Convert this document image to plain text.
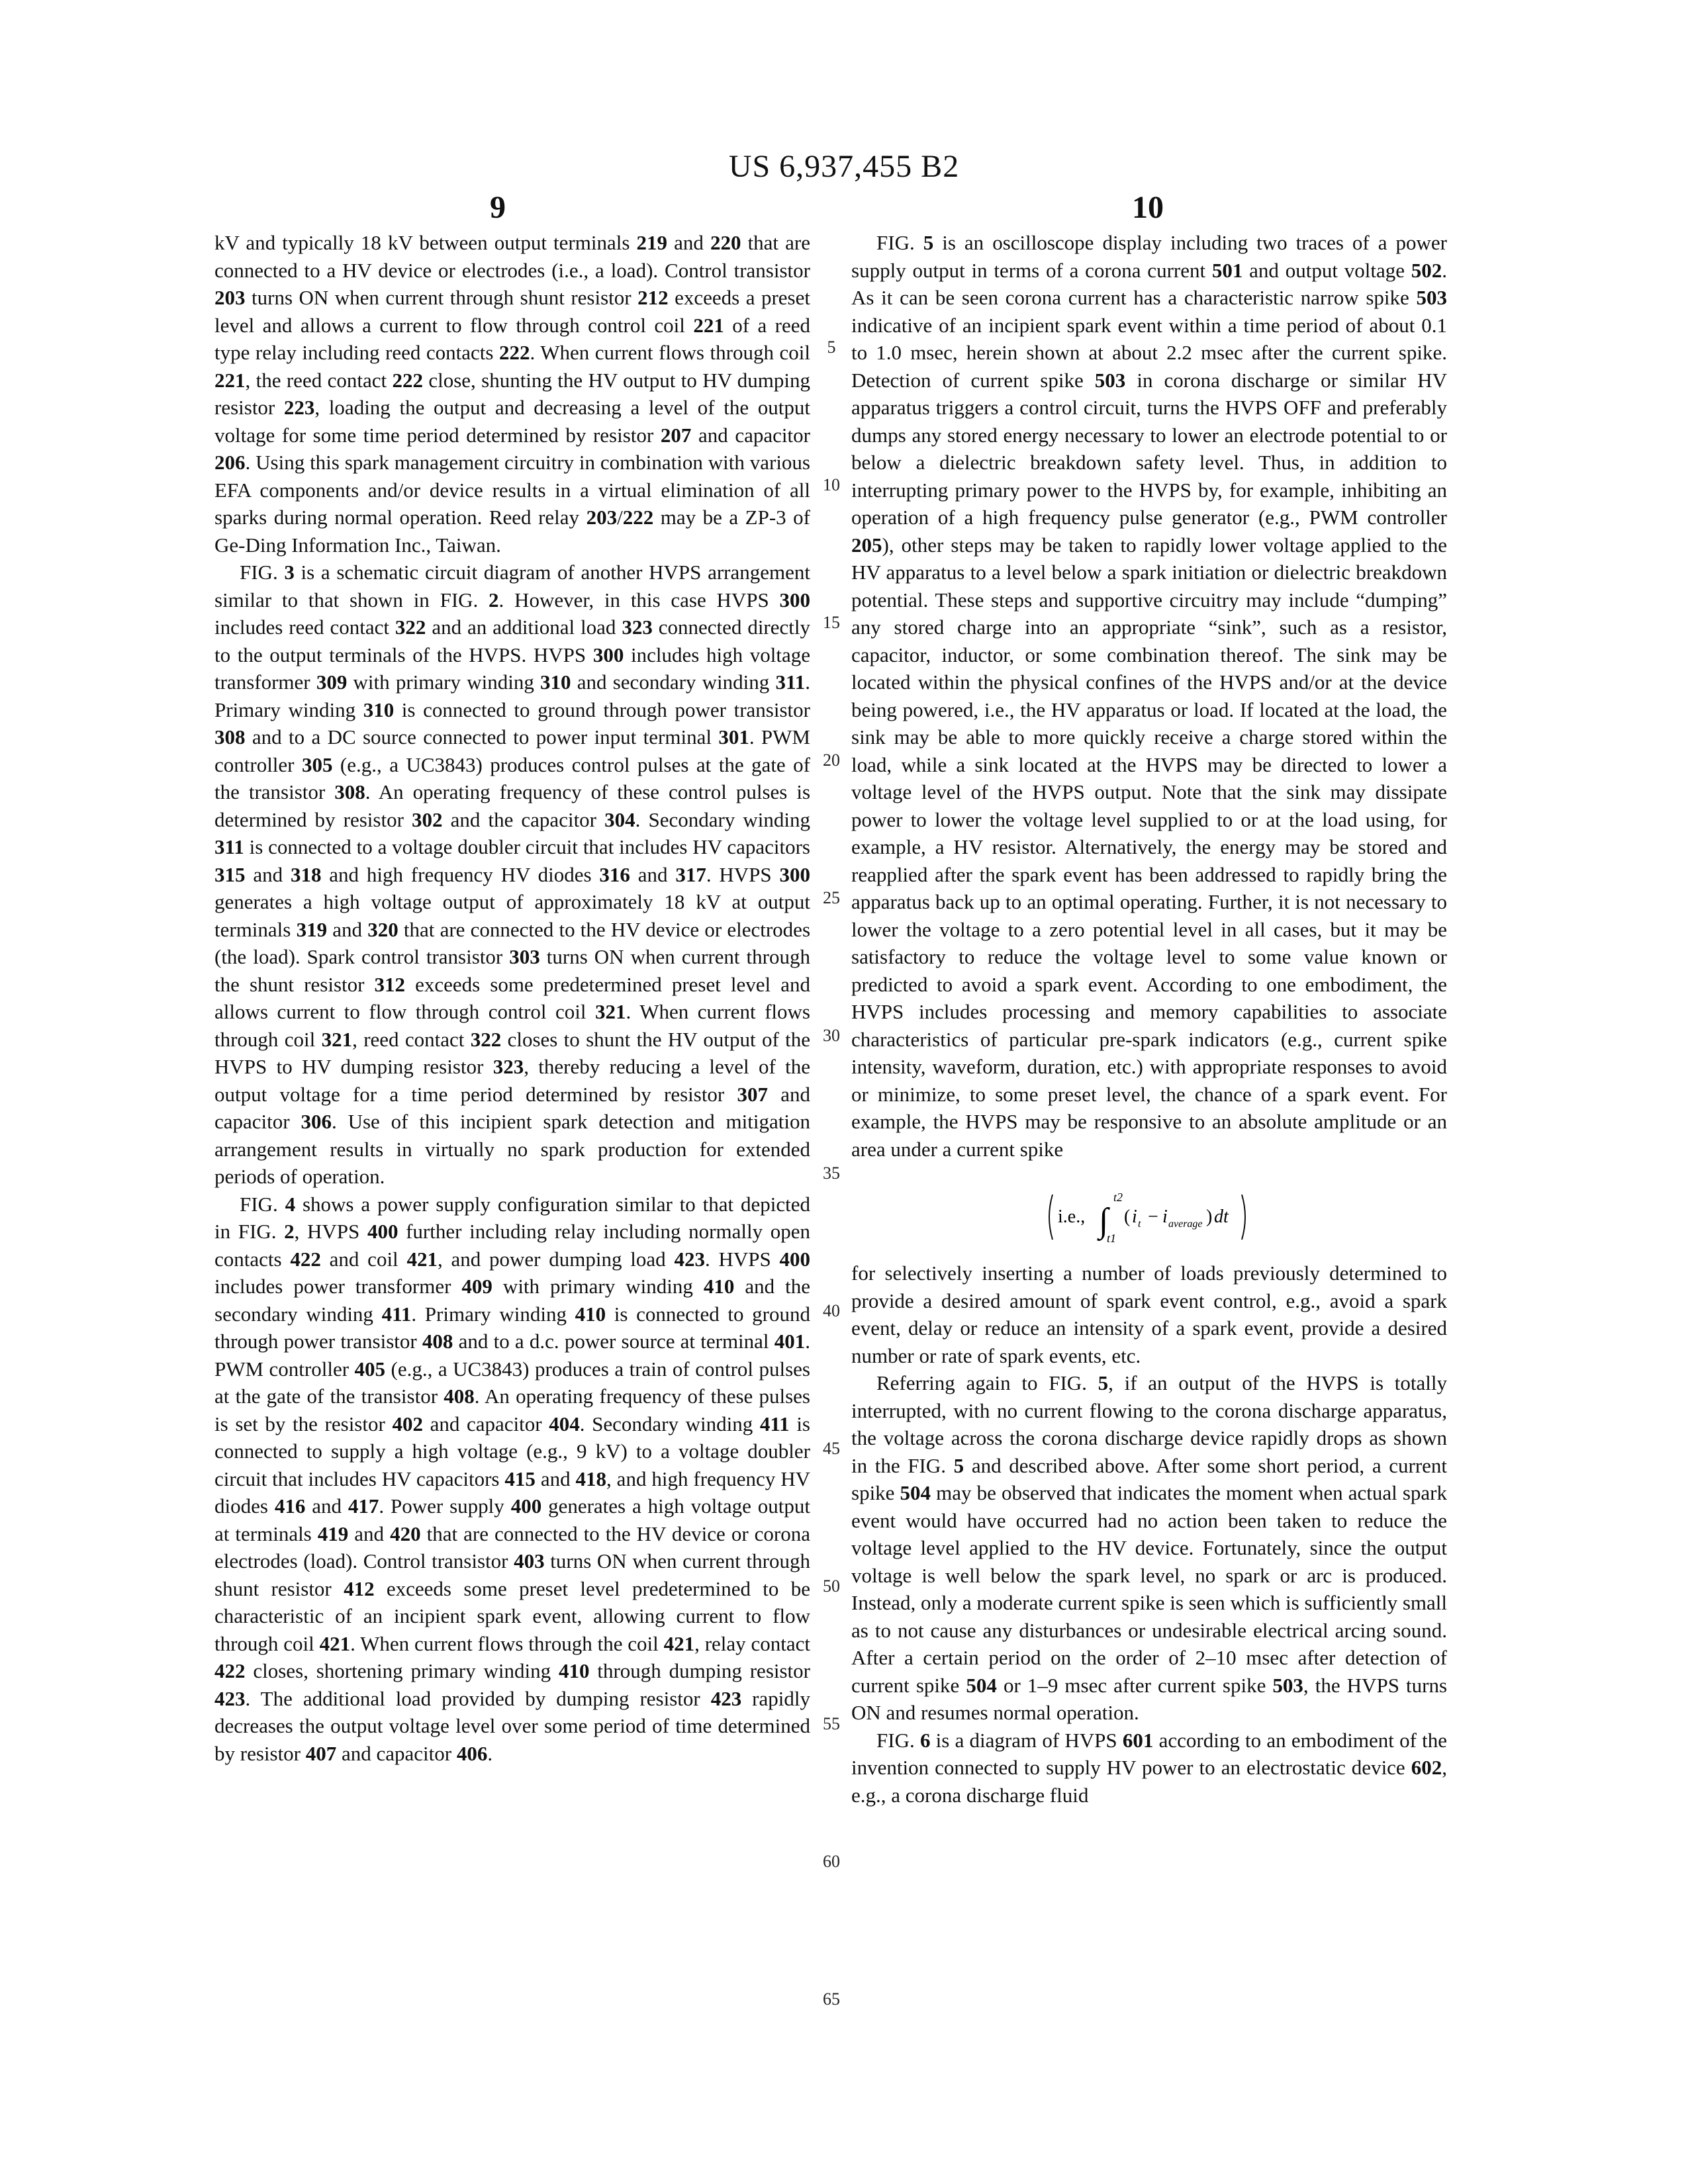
US 6,937,455 B2
9	10

kV and typically 18 kV between output terminals 219 and 220 that are connected to a HV device or electrodes (i.e., a load). Control transistor 203 turns ON when current through shunt resistor 212 exceeds a preset level and allows a current to flow through control coil 221 of a reed type relay including reed contacts 222. When current flows through coil 221, the reed contact 222 close, shunting the HV output to HV dumping resistor 223, loading the output and decreasing a level of the output voltage for some time period determined by resistor 207 and capacitor 206. Using this spark management circuitry in combination with various EFA components and/or device results in a virtual elimination of all sparks during normal operation. Reed relay 203/222 may be a ZP-3 of Ge-Ding Information Inc., Taiwan.

FIG. 3 is a schematic circuit diagram of another HVPS arrangement similar to that shown in FIG. 2. However, in this case HVPS 300 includes reed contact 322 and an additional load 323 connected directly to the output terminals of the HVPS. HVPS 300 includes high voltage transformer 309 with primary winding 310 and secondary winding 311. Primary winding 310 is connected to ground through power transistor 308 and to a DC source connected to power input terminal 301. PWM controller 305 (e.g., a UC3843) produces control pulses at the gate of the transistor 308. An operating frequency of these control pulses is determined by resistor 302 and the capacitor 304. Secondary winding 311 is connected to a voltage doubler circuit that includes HV capacitors 315 and 318 and high frequency HV diodes 316 and 317. HVPS 300 generates a high voltage output of approximately 18 kV at output terminals 319 and 320 that are connected to the HV device or electrodes (the load). Spark control transistor 303 turns ON when current through the shunt resistor 312 exceeds some predetermined preset level and allows current to flow through control coil 321. When current flows through coil 321, reed contact 322 closes to shunt the HV output of the HVPS to HV dumping resistor 323, thereby reducing a level of the output voltage for a time period determined by resistor 307 and capacitor 306. Use of this incipient spark detection and mitigation arrangement results in virtually no spark production for extended periods of operation.

FIG. 4 shows a power supply configuration similar to that depicted in FIG. 2, HVPS 400 further including relay including normally open contacts 422 and coil 421, and power dumping load 423. HVPS 400 includes power transformer 409 with primary winding 410 and the secondary winding 411. Primary winding 410 is connected to ground through power transistor 408 and to a d.c. power source at terminal 401. PWM controller 405 (e.g., a UC3843) produces a train of control pulses at the gate of the transistor 408. An operating frequency of these pulses is set by the resistor 402 and capacitor 404. Secondary winding 411 is connected to supply a high voltage (e.g., 9 kV) to a voltage doubler circuit that includes HV capacitors 415 and 418, and high frequency HV diodes 416 and 417. Power supply 400 generates a high voltage output at terminals 419 and 420 that are connected to the HV device or corona electrodes (load). Control transistor 403 turns ON when current through shunt resistor 412 exceeds some preset level predetermined to be characteristic of an incipient spark event, allowing current to flow through coil 421. When current flows through the coil 421, relay contact 422 closes, shortening primary winding 410 through dumping resistor 423. The additional load provided by dumping resistor 423 rapidly decreases the output voltage level over some period of time determined by resistor 407 and capacitor 406.

5
10
15
20
25
30
35
40
45
50
55
60
65

FIG. 5 is an oscilloscope display including two traces of a power supply output in terms of a corona current 501 and output voltage 502. As it can be seen corona current has a characteristic narrow spike 503 indicative of an incipient spark event within a time period of about 0.1 to 1.0 msec, herein shown at about 2.2 msec after the current spike. Detection of current spike 503 in corona discharge or similar HV apparatus triggers a control circuit, turns the HVPS OFF and preferably dumps any stored energy necessary to lower an electrode potential to or below a dielectric breakdown safety level. Thus, in addition to interrupting primary power to the HVPS by, for example, inhibiting an operation of a high frequency pulse generator (e.g., PWM controller 205), other steps may be taken to rapidly lower voltage applied to the HV apparatus to a level below a spark initiation or dielectric breakdown potential. These steps and supportive circuitry may include “dumping” any stored charge into an appropriate “sink”, such as a resistor, capacitor, inductor, or some combination thereof. The sink may be located within the physical confines of the HVPS and/or at the device being powered, i.e., the HV apparatus or load. If located at the load, the sink may be able to more quickly receive a charge stored within the load, while a sink located at the HVPS may be directed to lower a voltage level of the HVPS output. Note that the sink may dissipate power to lower the voltage level supplied to or at the load using, for example, a HV resistor. Alternatively, the energy may be stored and reapplied after the spark event has been addressed to rapidly bring the apparatus back up to an optimal operating. Further, it is not necessary to lower the voltage to a zero potential level in all cases, but it may be satisfactory to reduce the voltage level to some value known or predicted to avoid a spark event. According to one embodiment, the HVPS includes processing and memory capabilities to associate characteristics of particular pre-spark indicators (e.g., current spike intensity, waveform, duration, etc.) with appropriate responses to avoid or minimize, to some preset level, the chance of a spark event. For example, the HVPS may be responsive to an absolute amplitude or an area under a current spike

i.e., ∫
t2
t1
( i t − i average ) dt

for selectively inserting a number of loads previously determined to provide a desired amount of spark event control, e.g., avoid a spark event, delay or reduce an intensity of a spark event, provide a desired number or rate of spark events, etc.

Referring again to FIG. 5, if an output of the HVPS is totally interrupted, with no current flowing to the corona discharge apparatus, the voltage across the corona discharge device rapidly drops as shown in the FIG. 5 and described above. After some short period, a current spike 504 may be observed that indicates the moment when actual spark event would have occurred had no action been taken to reduce the voltage level applied to the HV device. Fortunately, since the output voltage is well below the spark level, no spark or arc is produced. Instead, only a moderate current spike is seen which is sufficiently small as to not cause any disturbances or undesirable electrical arcing sound. After a certain period on the order of 2–10 msec after detection of current spike 504 or 1–9 msec after current spike 503, the HVPS turns ON and resumes normal operation.

FIG. 6 is a diagram of HVPS 601 according to an embodiment of the invention connected to supply HV power to an electrostatic device 602, e.g., a corona discharge fluid
